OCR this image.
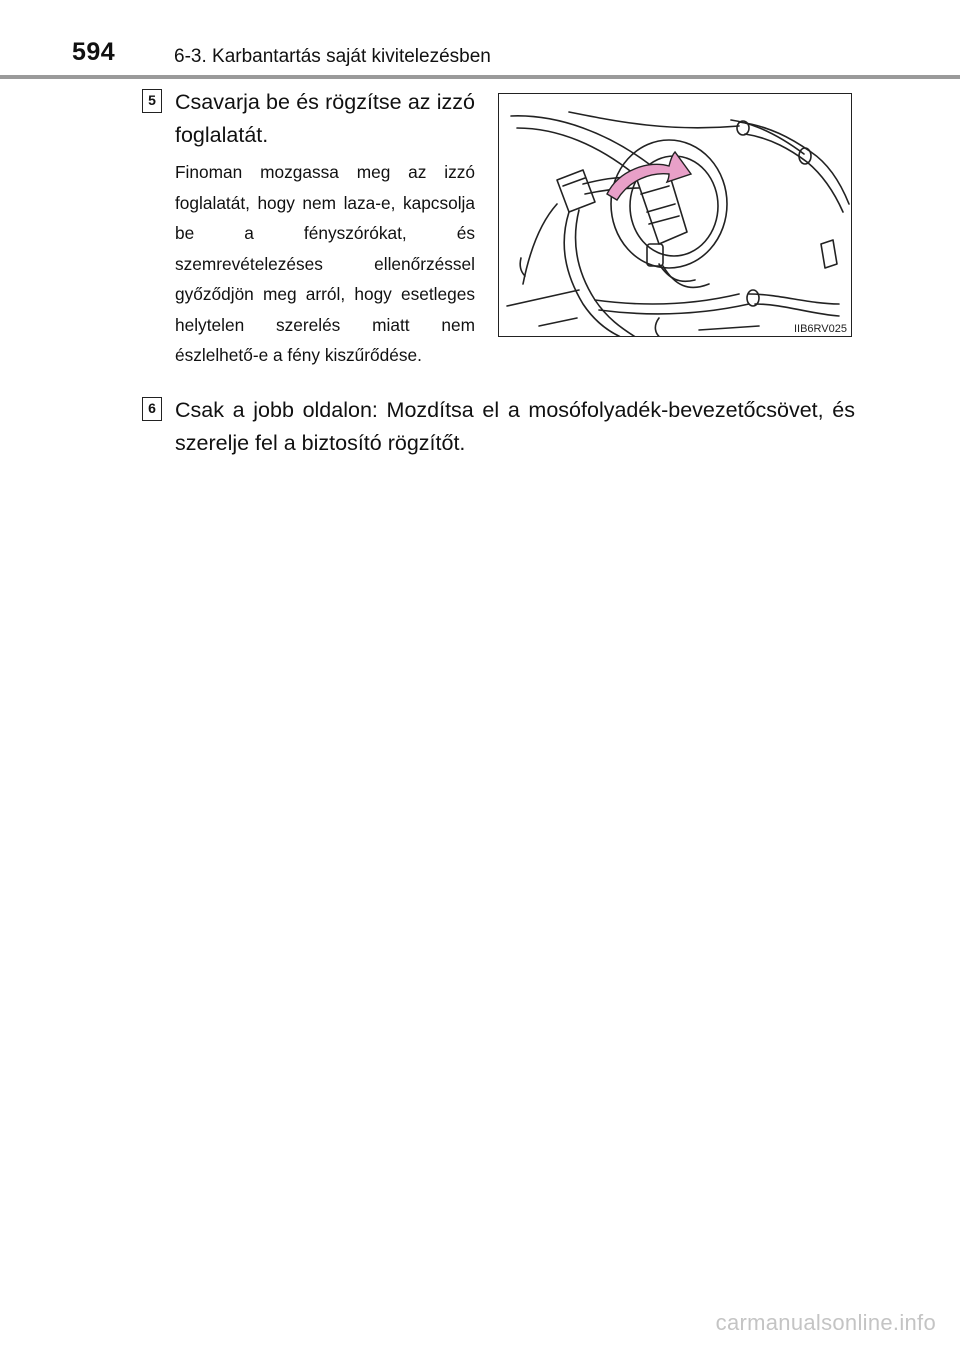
594	6-3. Karbantartás saját kivitelezésben
5 Csavarja be és rögzítse az izzó foglalatát.
Finoman mozgassa meg az izzó foglalatát, hogy nem laza-e, kapcsolja be a fényszórókat, és szemrevételezéses ellenőrzéssel győződjön meg arról, hogy esetleges helytelen szerelés miatt nem észlelhető-e a fény kiszűrődése.
IIB6RV025
6 Csak a jobb oldalon: Mozdítsa el a mosófolyadék-bevezetőcsövet, és szerelje fel a biztosító rögzítőt.
carmanualsonline.info
